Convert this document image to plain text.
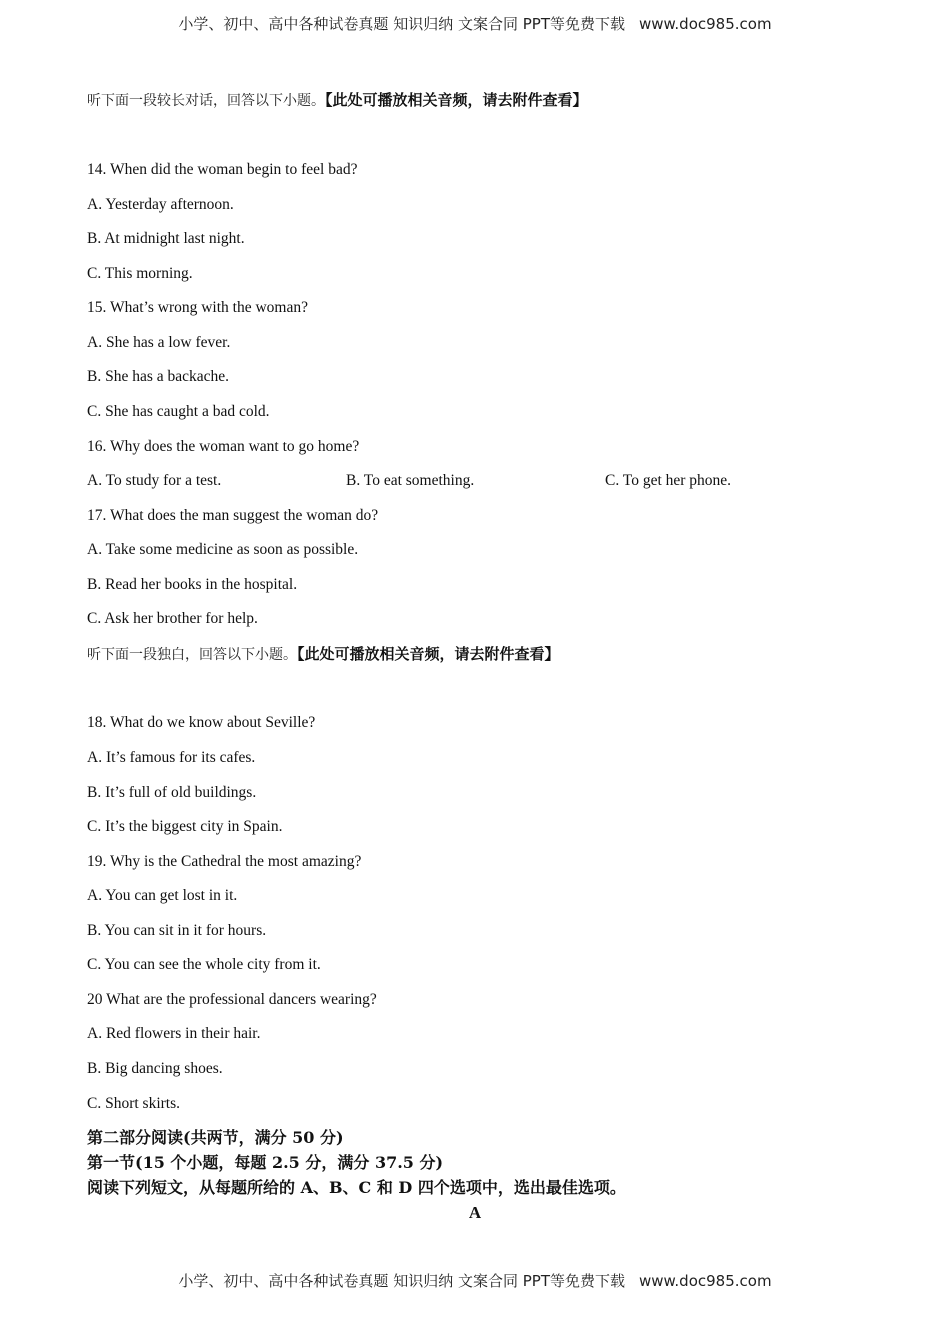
小学、初中、高中各种试卷真题 知识归纳 文案合同 PPT等免费下载 www.doc985.com
听下面一段较长对话，回答以下小题。【此处可播放相关音频，请去附件查看】
14. When did the woman begin to feel bad?
A. Yesterday afternoon.
B. At midnight last night.
C. This morning.
15. What’s wrong with the woman?
A. She has a low fever.
B. She has a backache.
C. She has caught a bad cold.
16. Why does the woman want to go home?
A. To study for a test.	B. To eat something.	C. To get her phone.
17. What does the man suggest the woman do?
A. Take some medicine as soon as possible.
B. Read her books in the hospital.
C. Ask her brother for help.
听下面一段独白，回答以下小题。【此处可播放相关音频，请去附件查看】
18. What do we know about Seville?
A. It’s famous for its cafes.
B. It’s full of old buildings.
C. It’s the biggest city in Spain.
19. Why is the Cathedral the most amazing?
A. You can get lost in it.
B. You can sit in it for hours.
C. You can see the whole city from it.
20 What are the professional dancers wearing?
A. Red flowers in their hair.
B. Big dancing shoes.
C. Short skirts.
第二部分阅读(共两节，满分 50 分)
第一节(15 个小题，每题 2.5 分，满分 37.5 分)
阅读下列短文，从每题所给的 A、B、C 和 D 四个选项中，选出最佳选项。
A
小学、初中、高中各种试卷真题 知识归纳 文案合同 PPT等免费下载 www.doc985.com
